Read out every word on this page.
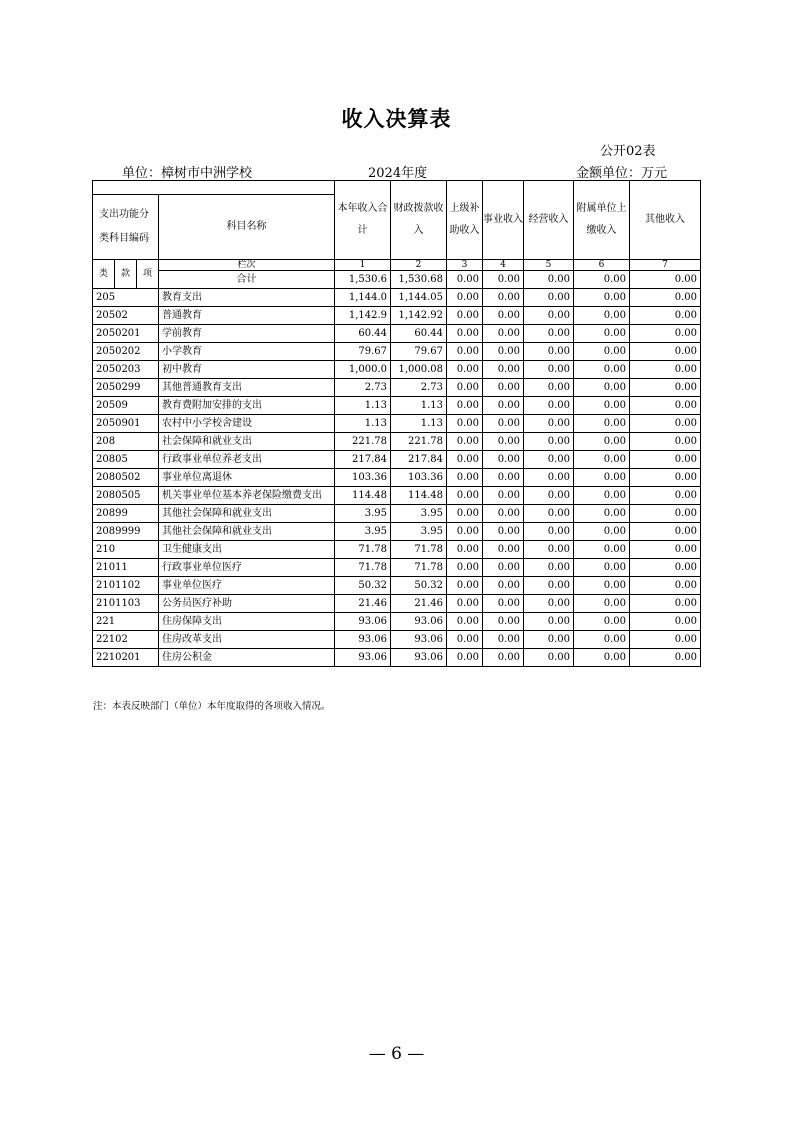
收入决算表
公开02表
单位：樟树市中洲学校	2024年度	金额单位：万元
				本年收入合计	财政拨款收入	上级补助收入	事业收入	经营收入	附属单位上缴收入	其他收入
支出功能分类科目编码			科目名称							
类	款	项	栏次	1	2	3	4	5	6	7
			合计	1,530.6	1,530.68	0.00	0.00	0.00	0.00	0.00
205			教育支出	1,144.0	1,144.05	0.00	0.00	0.00	0.00	0.00
20502			普通教育	1,142.9	1,142.92	0.00	0.00	0.00	0.00	0.00
2050201			学前教育	60.44	60.44	0.00	0.00	0.00	0.00	0.00
2050202			小学教育	79.67	79.67	0.00	0.00	0.00	0.00	0.00
2050203			初中教育	1,000.0	1,000.08	0.00	0.00	0.00	0.00	0.00
2050299			其他普通教育支出	2.73	2.73	0.00	0.00	0.00	0.00	0.00
20509			教育费附加安排的支出	1.13	1.13	0.00	0.00	0.00	0.00	0.00
2050901			农村中小学校舍建设	1.13	1.13	0.00	0.00	0.00	0.00	0.00
208			社会保障和就业支出	221.78	221.78	0.00	0.00	0.00	0.00	0.00
20805			行政事业单位养老支出	217.84	217.84	0.00	0.00	0.00	0.00	0.00
2080502			事业单位离退休	103.36	103.36	0.00	0.00	0.00	0.00	0.00
2080505			机关事业单位基本养老保险缴费支出	114.48	114.48	0.00	0.00	0.00	0.00	0.00
20899			其他社会保障和就业支出	3.95	3.95	0.00	0.00	0.00	0.00	0.00
2089999			其他社会保障和就业支出	3.95	3.95	0.00	0.00	0.00	0.00	0.00
210			卫生健康支出	71.78	71.78	0.00	0.00	0.00	0.00	0.00
21011			行政事业单位医疗	71.78	71.78	0.00	0.00	0.00	0.00	0.00
2101102			事业单位医疗	50.32	50.32	0.00	0.00	0.00	0.00	0.00
2101103			公务员医疗补助	21.46	21.46	0.00	0.00	0.00	0.00	0.00
221			住房保障支出	93.06	93.06	0.00	0.00	0.00	0.00	0.00
22102			住房改革支出	93.06	93.06	0.00	0.00	0.00	0.00	0.00
2210201			住房公积金	93.06	93.06	0.00	0.00	0.00	0.00	0.00
注：本表反映部门（单位）本年度取得的各项收入情况。
— 6 —
